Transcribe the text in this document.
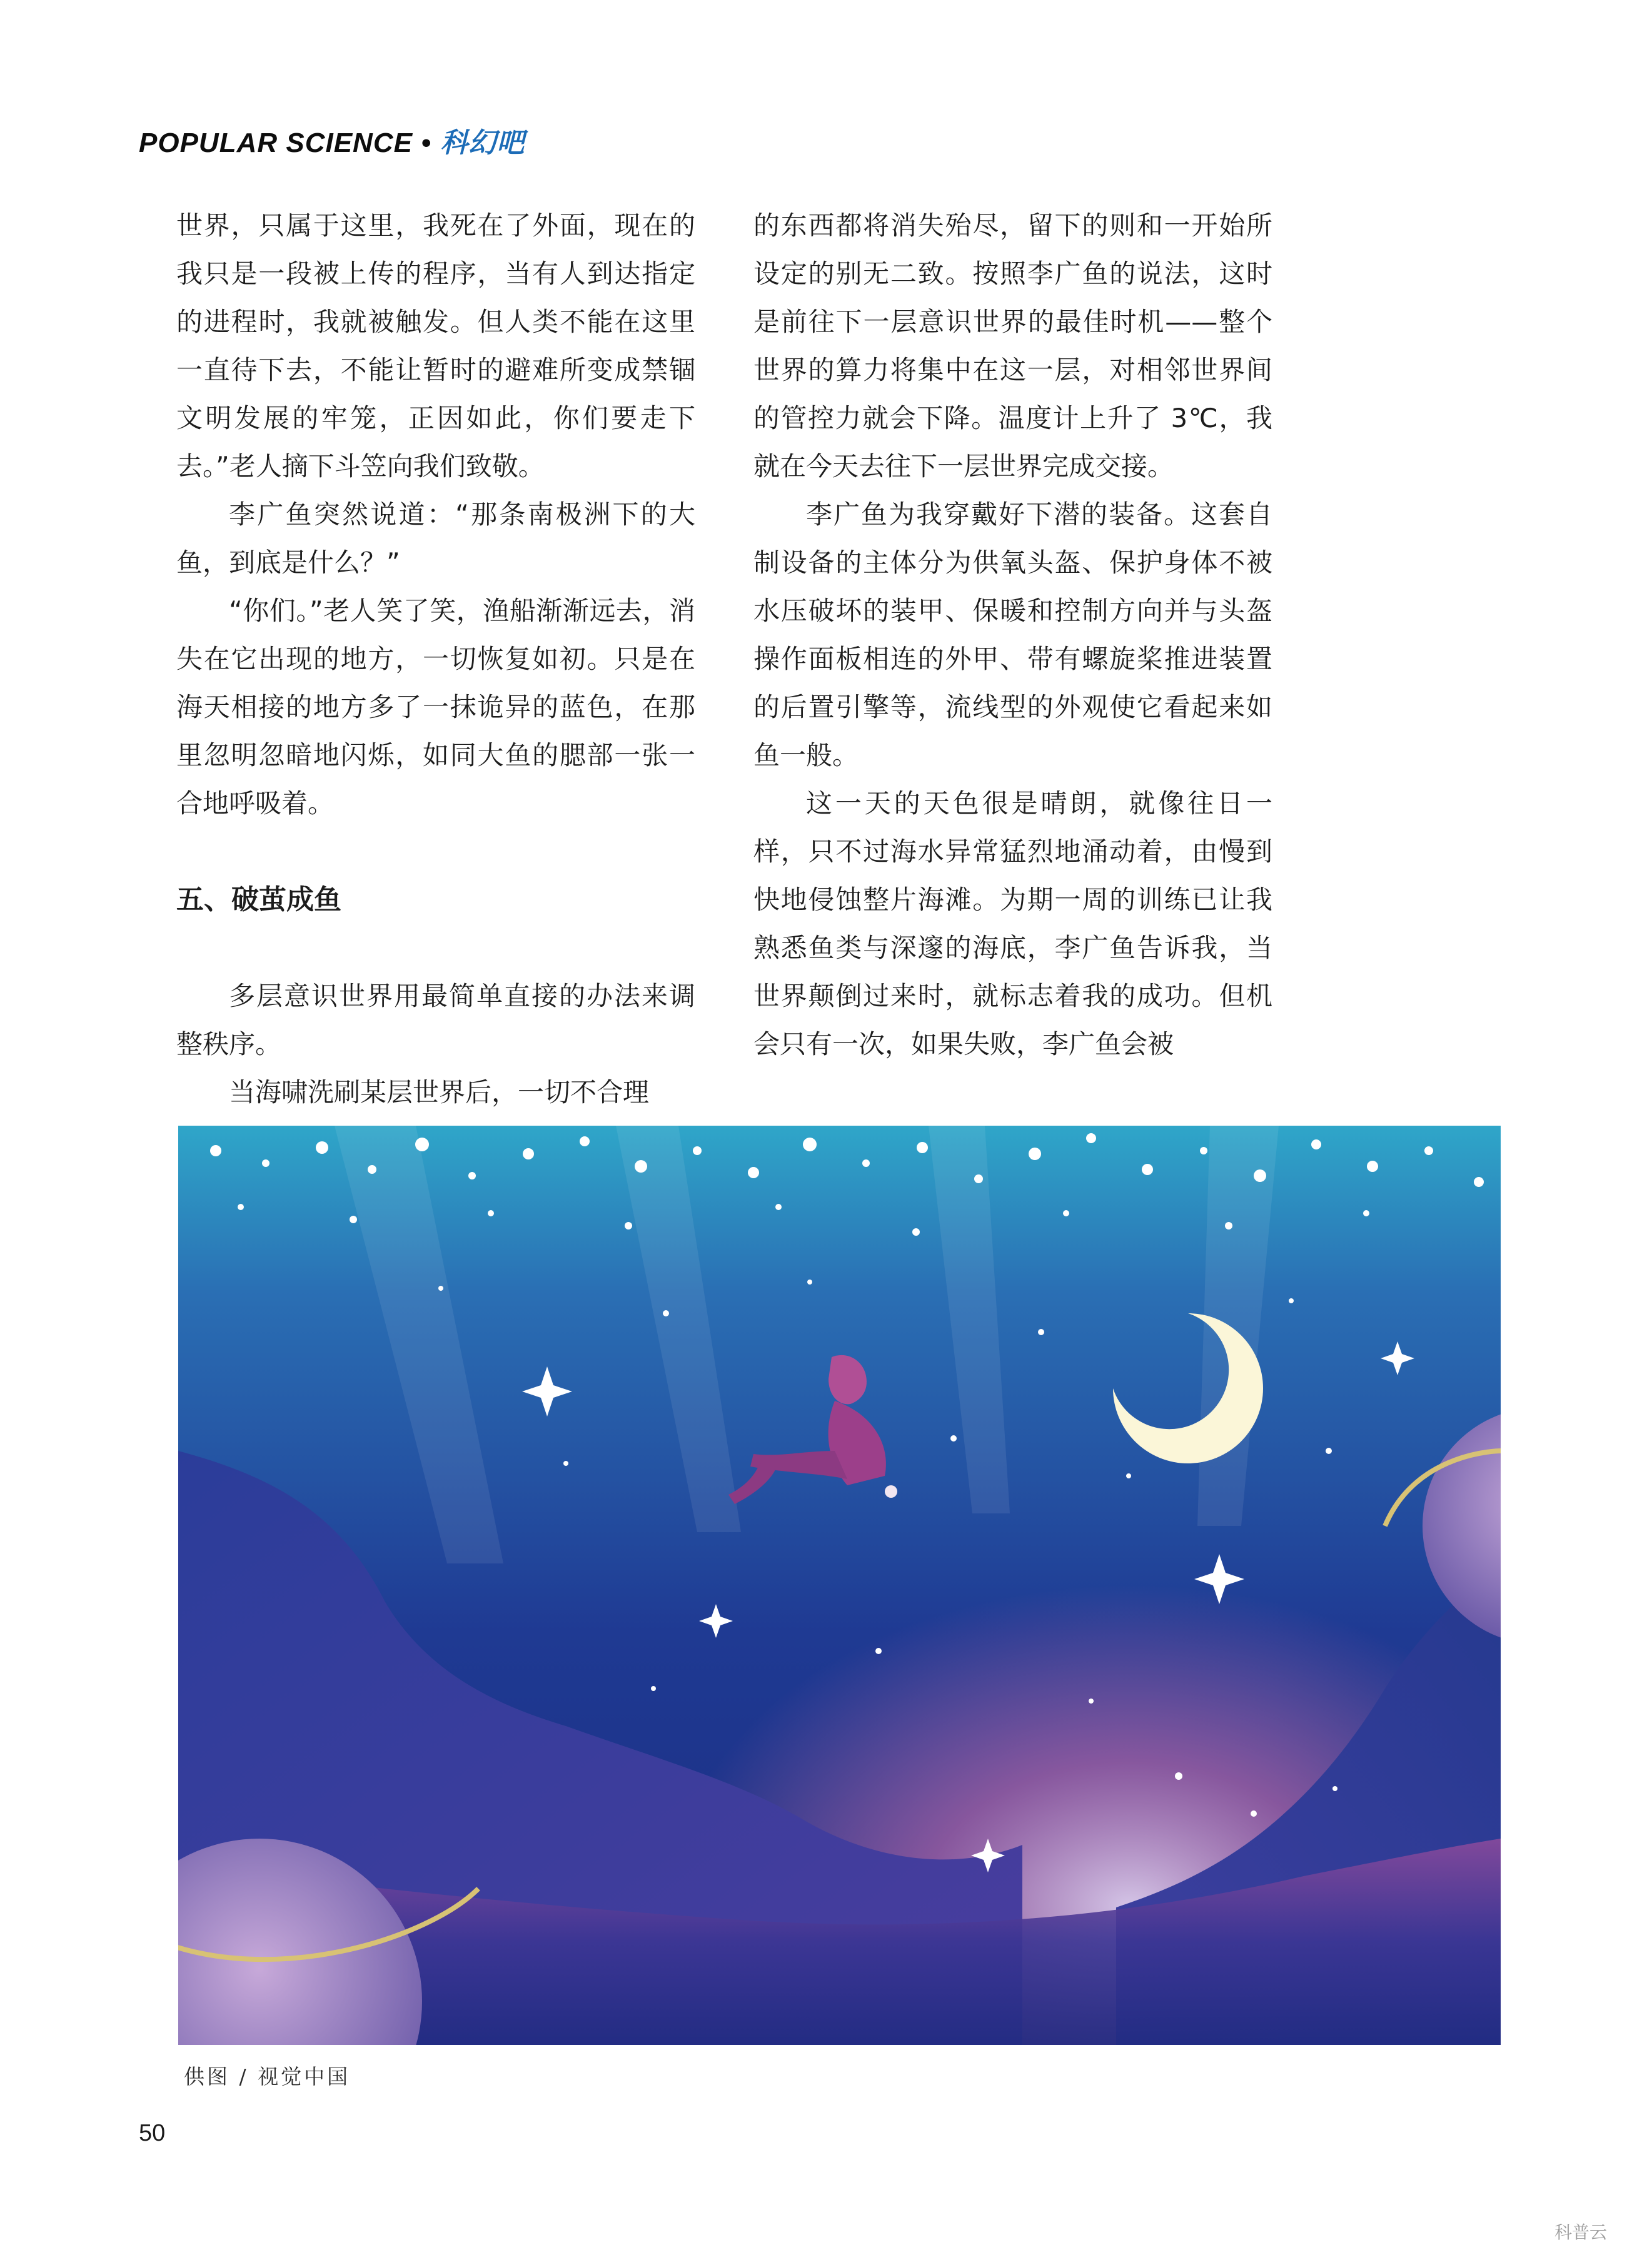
POPULAR SCIENCE • 科幻吧

世界，只属于这里，我死在了外面，现在的我只是一段被上传的程序，当有人到达指定的进程时，我就被触发。但人类不能在这里一直待下去，不能让暂时的避难所变成禁锢文明发展的牢笼，正因如此，你们要走下去。”老人摘下斗笠向我们致敬。

李广鱼突然说道：“那条南极洲下的大鱼，到底是什么？”

“你们。”老人笑了笑，渔船渐渐远去，消失在它出现的地方，一切恢复如初。只是在海天相接的地方多了一抹诡异的蓝色，在那里忽明忽暗地闪烁，如同大鱼的腮部一张一合地呼吸着。

五、破茧成鱼

多层意识世界用最简单直接的办法来调整秩序。

当海啸洗刷某层世界后，一切不合理

的东西都将消失殆尽，留下的则和一开始所设定的别无二致。按照李广鱼的说法，这时是前往下一层意识世界的最佳时机——整个世界的算力将集中在这一层，对相邻世界间的管控力就会下降。温度计上升了 3℃，我就在今天去往下一层世界完成交接。

李广鱼为我穿戴好下潜的装备。这套自制设备的主体分为供氧头盔、保护身体不被水压破坏的装甲、保暖和控制方向并与头盔操作面板相连的外甲、带有螺旋桨推进装置的后置引擎等，流线型的外观使它看起来如鱼一般。

这一天的天色很是晴朗，就像往日一样，只不过海水异常猛烈地涌动着，由慢到快地侵蚀整片海滩。为期一周的训练已让我熟悉鱼类与深邃的海底，李广鱼告诉我，当世界颠倒过来时，就标志着我的成功。但机会只有一次，如果失败，李广鱼会被

供图 / 视觉中国
50
科普云
